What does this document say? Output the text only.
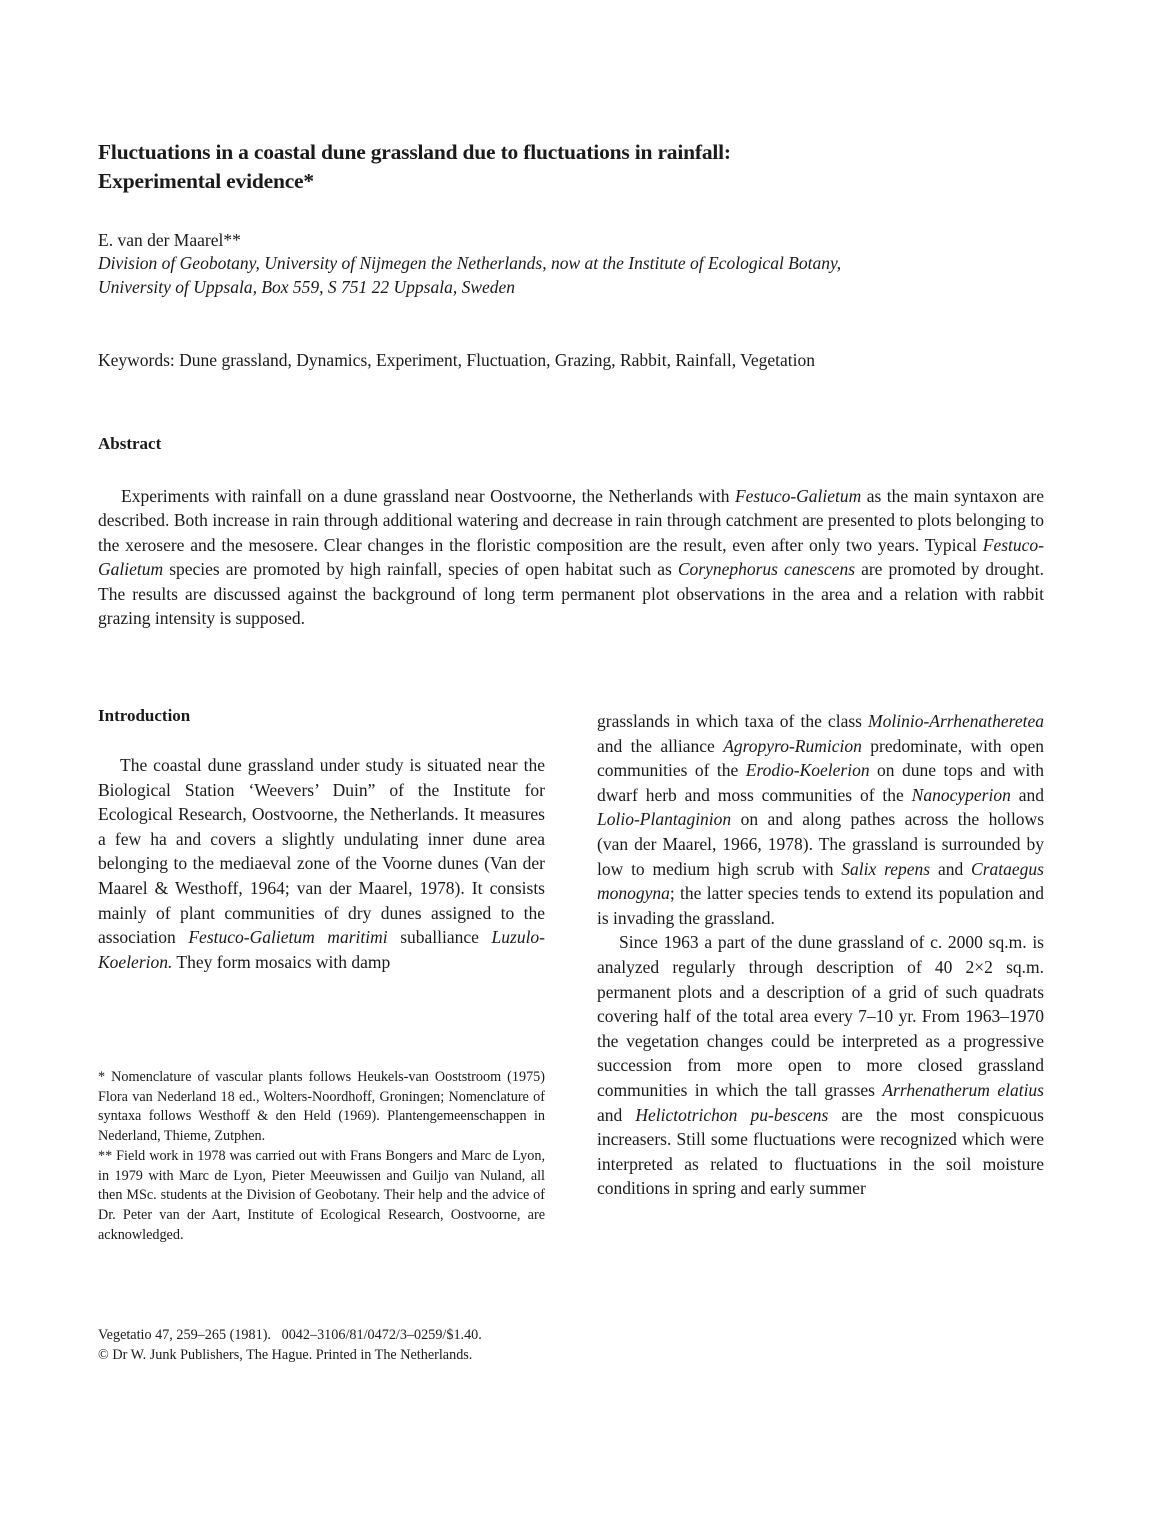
Fluctuations in a coastal dune grassland due to fluctuations in rainfall:
Experimental evidence*
E. van der Maarel**
Division of Geobotany, University of Nijmegen the Netherlands, now at the Institute of Ecological Botany,
University of Uppsala, Box 559, S 751 22 Uppsala, Sweden
Keywords: Dune grassland, Dynamics, Experiment, Fluctuation, Grazing, Rabbit, Rainfall, Vegetation
Abstract

Experiments with rainfall on a dune grassland near Oostvoorne, the Netherlands with Festuco-Galietum as the main syntaxon are described. Both increase in rain through additional watering and decrease in rain through catchment are presented to plots belonging to the xerosere and the mesosere. Clear changes in the floristic composition are the result, even after only two years. Typical Festuco-Galietum species are promoted by high rainfall, species of open habitat such as Corynephorus canescens are promoted by drought. The results are discussed against the background of long term permanent plot observations in the area and a relation with rabbit grazing intensity is supposed.

Introduction

The coastal dune grassland under study is situated near the Biological Station ‘Weevers’ Duin” of the Institute for Ecological Research, Oostvoorne, the Netherlands. It measures a few ha and covers a slightly undulating inner dune area belonging to the mediaeval zone of the Voorne dunes (Van der Maarel & Westhoff, 1964; van der Maarel, 1978). It consists mainly of plant communities of dry dunes assigned to the association Festuco-Galietum maritimi suballiance Luzulo-Koelerion. They form mosaics with damp

grasslands in which taxa of the class Molinio-Arrhenatheretea and the alliance Agropyro-Rumicion predominate, with open communities of the Erodio-Koelerion on dune tops and with dwarf herb and moss communities of the Nanocyperion and Lolio-Plantaginion on and along pathes across the hollows (van der Maarel, 1966, 1978). The grassland is surrounded by low to medium high scrub with Salix repens and Crataegus monogyna; the latter species tends to extend its population and is invading the grassland.

Since 1963 a part of the dune grassland of c. 2000 sq.m. is analyzed regularly through description of 40 2×2 sq.m. permanent plots and a description of a grid of such quadrats covering half of the total area every 7–10 yr. From 1963–1970 the vegetation changes could be interpreted as a progressive succession from more open to more closed grassland communities in which the tall grasses Arrhenatherum elatius and Helictotrichon pu-bescens are the most conspicuous increasers. Still some fluctuations were recognized which were interpreted as related to fluctuations in the soil moisture conditions in spring and early summer

* Nomenclature of vascular plants follows Heukels-van Ooststroom (1975) Flora van Nederland 18 ed., Wolters-Noordhoff, Groningen; Nomenclature of syntaxa follows Westhoff & den Held (1969). Plantengemeenschappen in Nederland, Thieme, Zutphen.

** Field work in 1978 was carried out with Frans Bongers and Marc de Lyon, in 1979 with Marc de Lyon, Pieter Meeuwissen and Guiljo van Nuland, all then MSc. students at the Division of Geobotany. Their help and the advice of Dr. Peter van der Aart, Institute of Ecological Research, Oostvoorne, are acknowledged.

Vegetatio 47, 259–265 (1981).   0042–3106/81/0472/3–0259/$1.40.
© Dr W. Junk Publishers, The Hague. Printed in The Netherlands.
